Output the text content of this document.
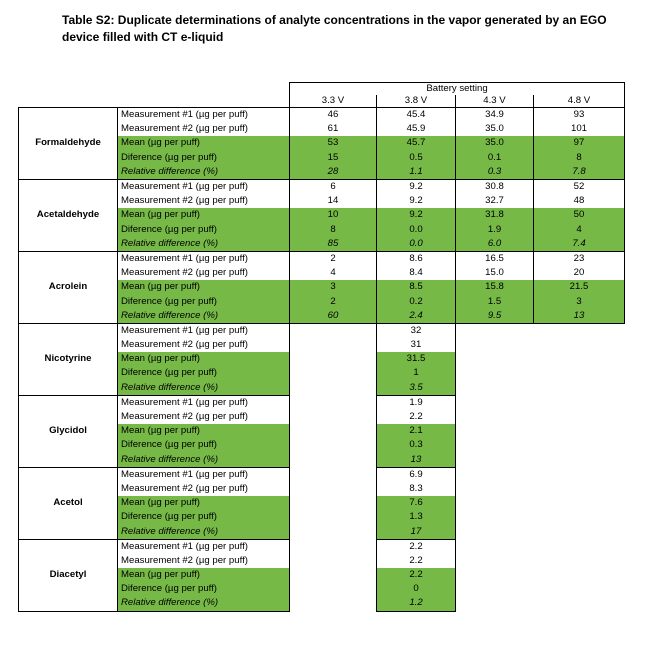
Table S2: Duplicate determinations of analyte concentrations in the vapor generated by an EGO device filled with CT e-liquid
		Battery setting			
		3.3 V	3.8 V	4.3 V	4.8 V
Formaldehyde	Measurement #1 (µg per puff)	46	45.4	34.9	93
	Measurement #2 (µg per puff)	61	45.9	35.0	101
	Mean (µg per puff)	53	45.7	35.0	97
	Diference (µg per puff)	15	0.5	0.1	8
	Relative difference (%)	28	1.1	0.3	7.8
Acetaldehyde	Measurement #1 (µg per puff)	6	9.2	30.8	52
	Measurement #2 (µg per puff)	14	9.2	32.7	48
	Mean (µg per puff)	10	9.2	31.8	50
	Diference (µg per puff)	8	0.0	1.9	4
	Relative difference (%)	85	0.0	6.0	7.4
Acrolein	Measurement #1 (µg per puff)	2	8.6	16.5	23
	Measurement #2 (µg per puff)	4	8.4	15.0	20
	Mean (µg per puff)	3	8.5	15.8	21.5
	Diference (µg per puff)	2	0.2	1.5	3
	Relative difference (%)	60	2.4	9.5	13
Nicotyrine	Measurement #1 (µg per puff)		32		
	Measurement #2 (µg per puff)		31		
	Mean (µg per puff)		31.5		
	Diference (µg per puff)		1		
	Relative difference (%)		3.5		
Glycidol	Measurement #1 (µg per puff)		1.9		
	Measurement #2 (µg per puff)		2.2		
	Mean (µg per puff)		2.1		
	Diference (µg per puff)		0.3		
	Relative difference (%)		13		
Acetol	Measurement #1 (µg per puff)		6.9		
	Measurement #2 (µg per puff)		8.3		
	Mean (µg per puff)		7.6		
	Diference (µg per puff)		1.3		
	Relative difference (%)		17		
Diacetyl	Measurement #1 (µg per puff)		2.2		
	Measurement #2 (µg per puff)		2.2		
	Mean (µg per puff)		2.2		
	Diference (µg per puff)		0		
	Relative difference (%)		1.2		
